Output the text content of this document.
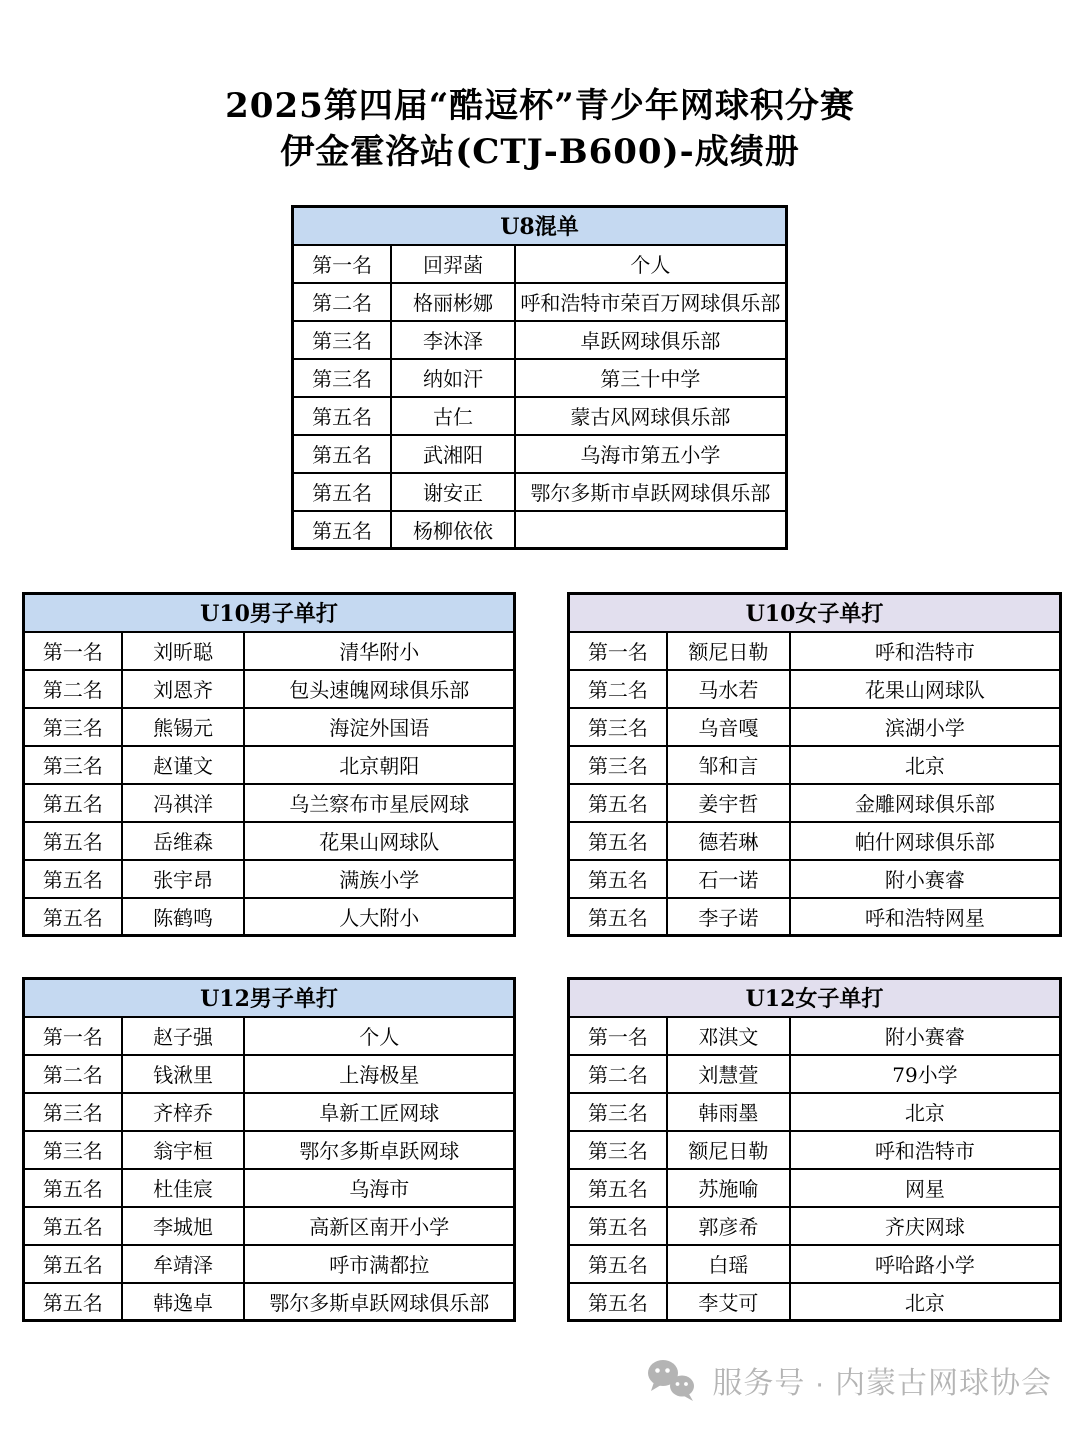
2025第四届“酷逗杯”青少年网球积分赛
伊金霍洛站(CTJ-B600)-成绩册
U8混单		
第一名	回羿菡	个人
第二名	格丽彬娜	呼和浩特市荣百万网球俱乐部
第三名	李沐泽	卓跃网球俱乐部
第三名	纳如汗	第三十中学
第五名	古仁	蒙古风网球俱乐部
第五名	武湘阳	乌海市第五小学
第五名	谢安正	鄂尔多斯市卓跃网球俱乐部
第五名	杨柳依依	
U10男子单打		
第一名	刘昕聪	清华附小
第二名	刘恩齐	包头速魄网球俱乐部
第三名	熊锡元	海淀外国语
第三名	赵谨文	北京朝阳
第五名	冯祺洋	乌兰察布市星辰网球
第五名	岳维森	花果山网球队
第五名	张宇昂	满族小学
第五名	陈鹤鸣	人大附小
U10女子单打		
第一名	额尼日勒	呼和浩特市
第二名	马水若	花果山网球队
第三名	乌音嘎	滨湖小学
第三名	邹和言	北京
第五名	姜宇哲	金雕网球俱乐部
第五名	德若琳	帕什网球俱乐部
第五名	石一诺	附小赛睿
第五名	李子诺	呼和浩特网星
U12男子单打		
第一名	赵子强	个人
第二名	钱湫里	上海极星
第三名	齐梓乔	阜新工匠网球
第三名	翁宇桓	鄂尔多斯卓跃网球
第五名	杜佳宸	乌海市
第五名	李城旭	高新区南开小学
第五名	牟靖泽	呼市满都拉
第五名	韩逸卓	鄂尔多斯卓跃网球俱乐部
U12女子单打		
第一名	邓淇文	附小赛睿
第二名	刘慧萱	79小学
第三名	韩雨墨	北京
第三名	额尼日勒	呼和浩特市
第五名	苏施喻	网星
第五名	郭彦希	齐庆网球
第五名	白瑶	呼哈路小学
第五名	李艾可	北京
服务号 · 内蒙古网球协会
